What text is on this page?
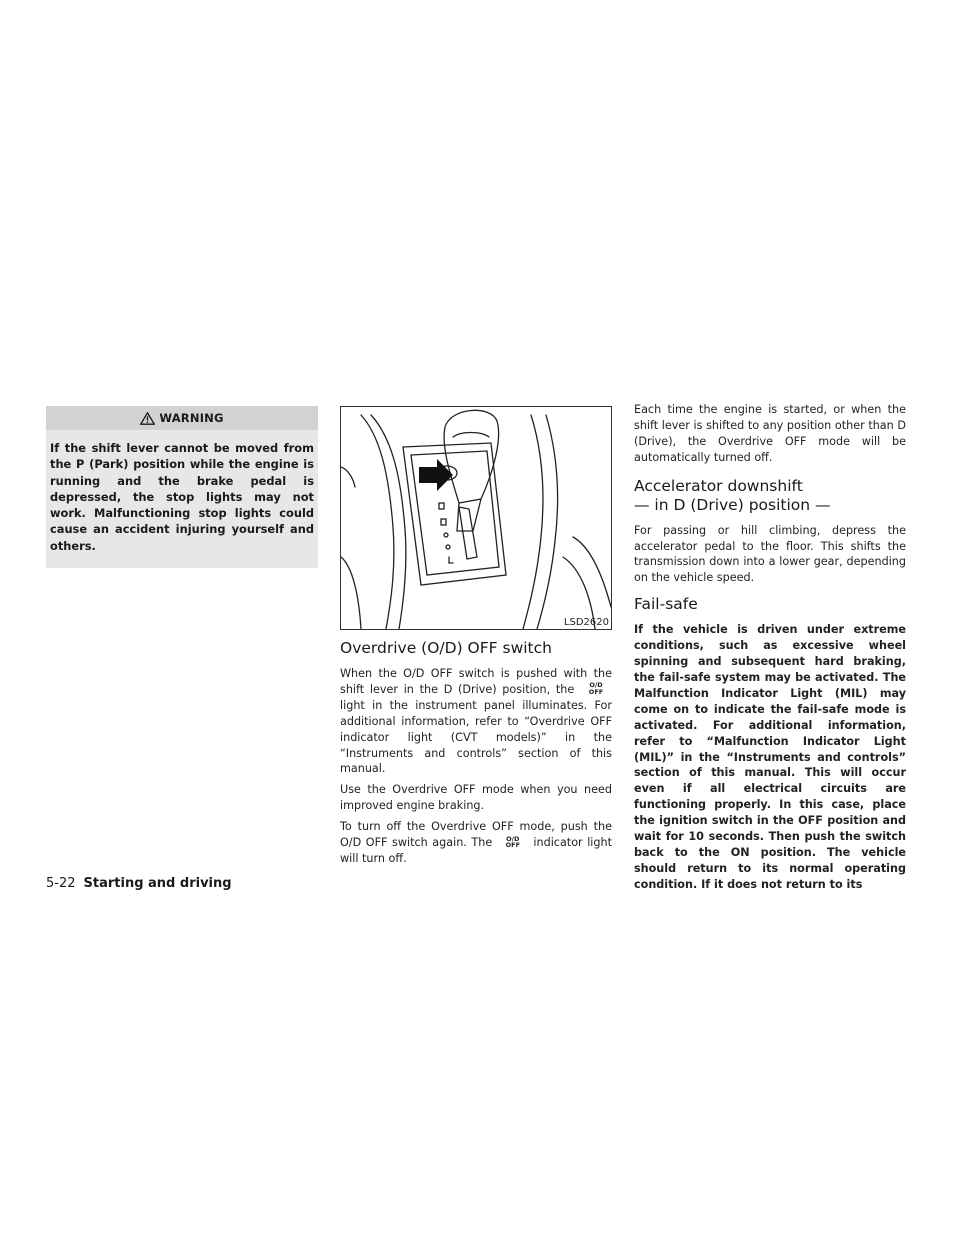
WARNING
If the shift lever cannot be moved from the P (Park) position while the engine is running and the brake pedal is depressed, the stop lights may not work. Malfunctioning stop lights could cause an accident injuring yourself and others.
LSD2620
Overdrive (O/D) OFF switch

When the O/D OFF switch is pushed with the shift lever in the D (Drive) position, the	O/D
OFF
light in the instrument panel illuminates. For additional information, refer to “Overdrive OFF indicator light (CVT models)” in the “Instruments and controls” section of this manual.

Use the Overdrive OFF mode when you need improved engine braking.

To turn off the Overdrive OFF mode, push the O/D OFF switch again. The	O/D
OFF	indicator light will turn off.

Each time the engine is started, or when the shift lever is shifted to any position other than D (Drive), the Overdrive OFF mode will be automatically turned off.

Accelerator downshift
— in D (Drive) position —

For passing or hill climbing, depress the accelerator pedal to the floor. This shifts the transmission down into a lower gear, depending on the vehicle speed.

Fail-safe

If the vehicle is driven under extreme conditions, such as excessive wheel spinning and subsequent hard braking, the fail-safe system may be activated. The Malfunction Indicator Light (MIL) may come on to indicate the fail-safe mode is activated. For additional information, refer to “Malfunction Indicator Light (MIL)” in the “Instruments and controls” section of this manual. This will occur even if all electrical circuits are functioning properly. In this case, place the ignition switch in the OFF position and wait for 10 seconds. Then push the switch back to the ON position. The vehicle should return to its normal operating condition. If it does not return to its

5-22 Starting and driving
